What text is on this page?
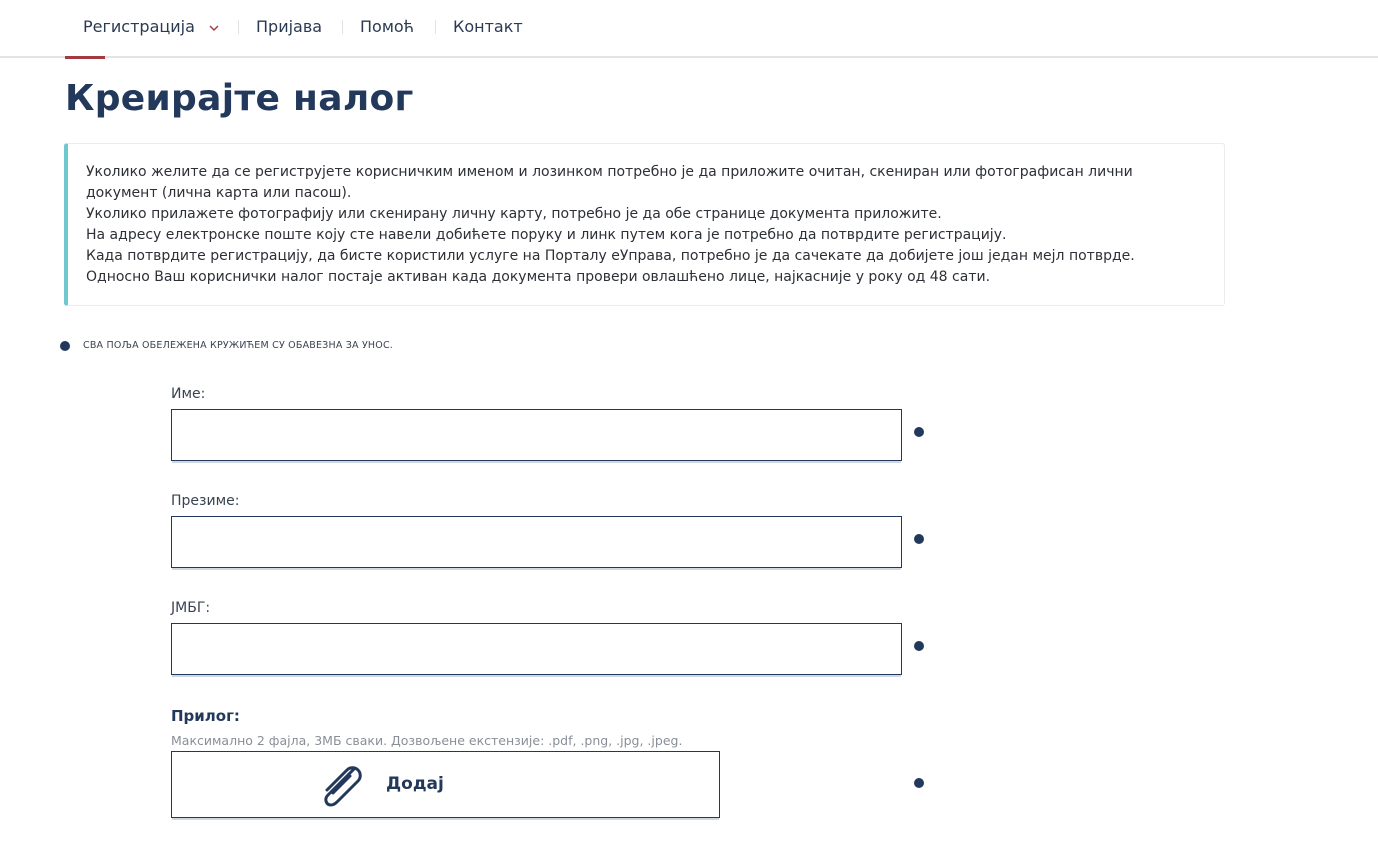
Регистрација	Пријава Помоћ Контакт
Креирајте налог
Уколико желите да се региструјете корисничким именом и лозинком потребно је да приложите очитан, скениран или фотографисан лични
документ (лична карта или пасош).
Уколико прилажете фотографију или скенирану личну карту, потребно је да обе странице документа приложите.
На адресу електронске поште коју сте навели добићете поруку и линк путем кога је потребно да потврдите регистрацију.
Када потврдите регистрацију, да бисте користили услуге на Порталу еУправа, потребно је да сачекате да добијете још један мејл потврде.
Односно Ваш кориснички налог постаје активан када документа провери овлашћено лице, најкасније у року од 48 сати.
СВА ПОЉА ОБЕЛЕЖЕНА КРУЖИЋЕМ СУ ОБАВЕЗНА ЗА УНОС.
Име:
Презиме:
ЈМБГ:
Прилог:
Максимално 2 фајла, 3МБ сваки. Дозвољене екстензије: .pdf, .png, .jpg, .jpeg.
Додај
